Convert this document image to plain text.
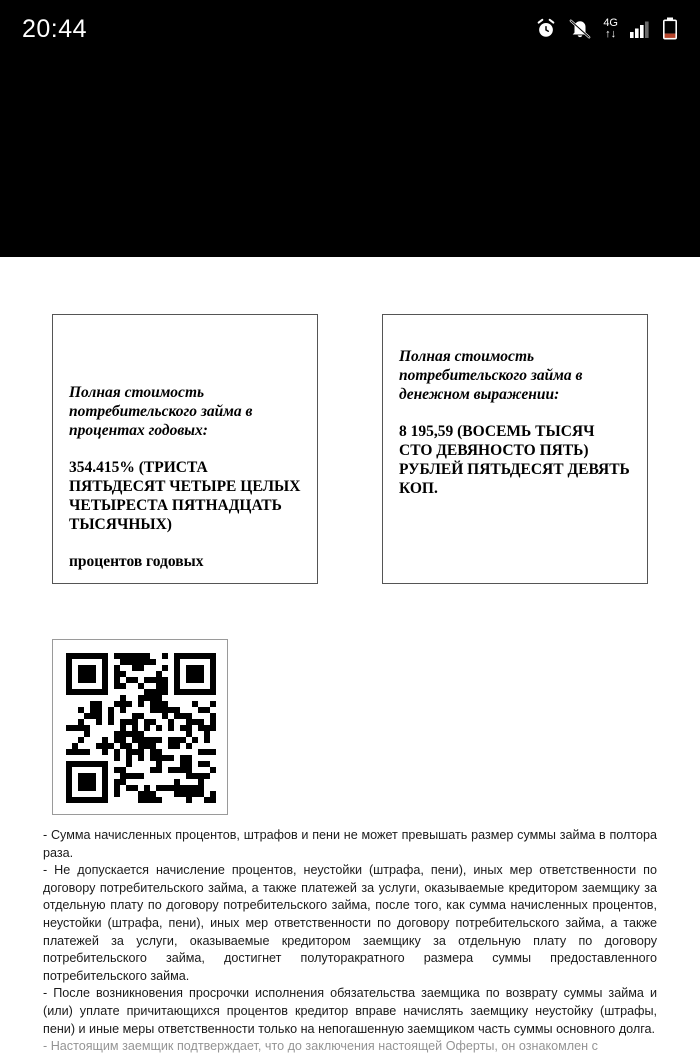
20:44	4G
↑↓

Полная стоимость потребительского займа в процентах годовых:

354.415% (ТРИСТА ПЯТЬДЕСЯТ ЧЕТЫРЕ ЦЕЛЫХ ЧЕТЫРЕСТА ПЯТНАДЦАТЬ ТЫСЯЧНЫХ)

процентов годовых

Полная стоимость потребительского займа в денежном выражении:

8 195,59 (ВОСЕМЬ ТЫСЯЧ СТО ДЕВЯНОСТО ПЯТЬ) РУБЛЕЙ ПЯТЬДЕСЯТ ДЕВЯТЬ КОП.

- Сумма начисленных процентов, штрафов и пени не может превышать размер суммы займа в полтора раза.

- Не допускается начисление процентов, неустойки (штрафа, пени), иных мер ответственности по договору потребительского займа, а также платежей за услуги, оказываемые кредитором заемщику за отдельную плату по договору потребительского займа, после того, как сумма начисленных процентов, неустойки (штрафа, пени), иных мер ответственности по договору потребительского займа, а также платежей за услуги, оказываемые кредитором заемщику за отдельную плату по договору потребительского займа, достигнет полуторакратного размера суммы предоставленного потребительского займа.

- После возникновения просрочки исполнения обязательства заемщика по возврату суммы займа и (или) уплате причитающихся процентов кредитор вправе начислять заемщику неустойку (штрафы, пени) и иные меры ответственности только на непогашенную заемщиком часть суммы основного долга.

- Настоящим заемщик подтверждает, что до заключения настоящей Оферты, он ознакомлен с
